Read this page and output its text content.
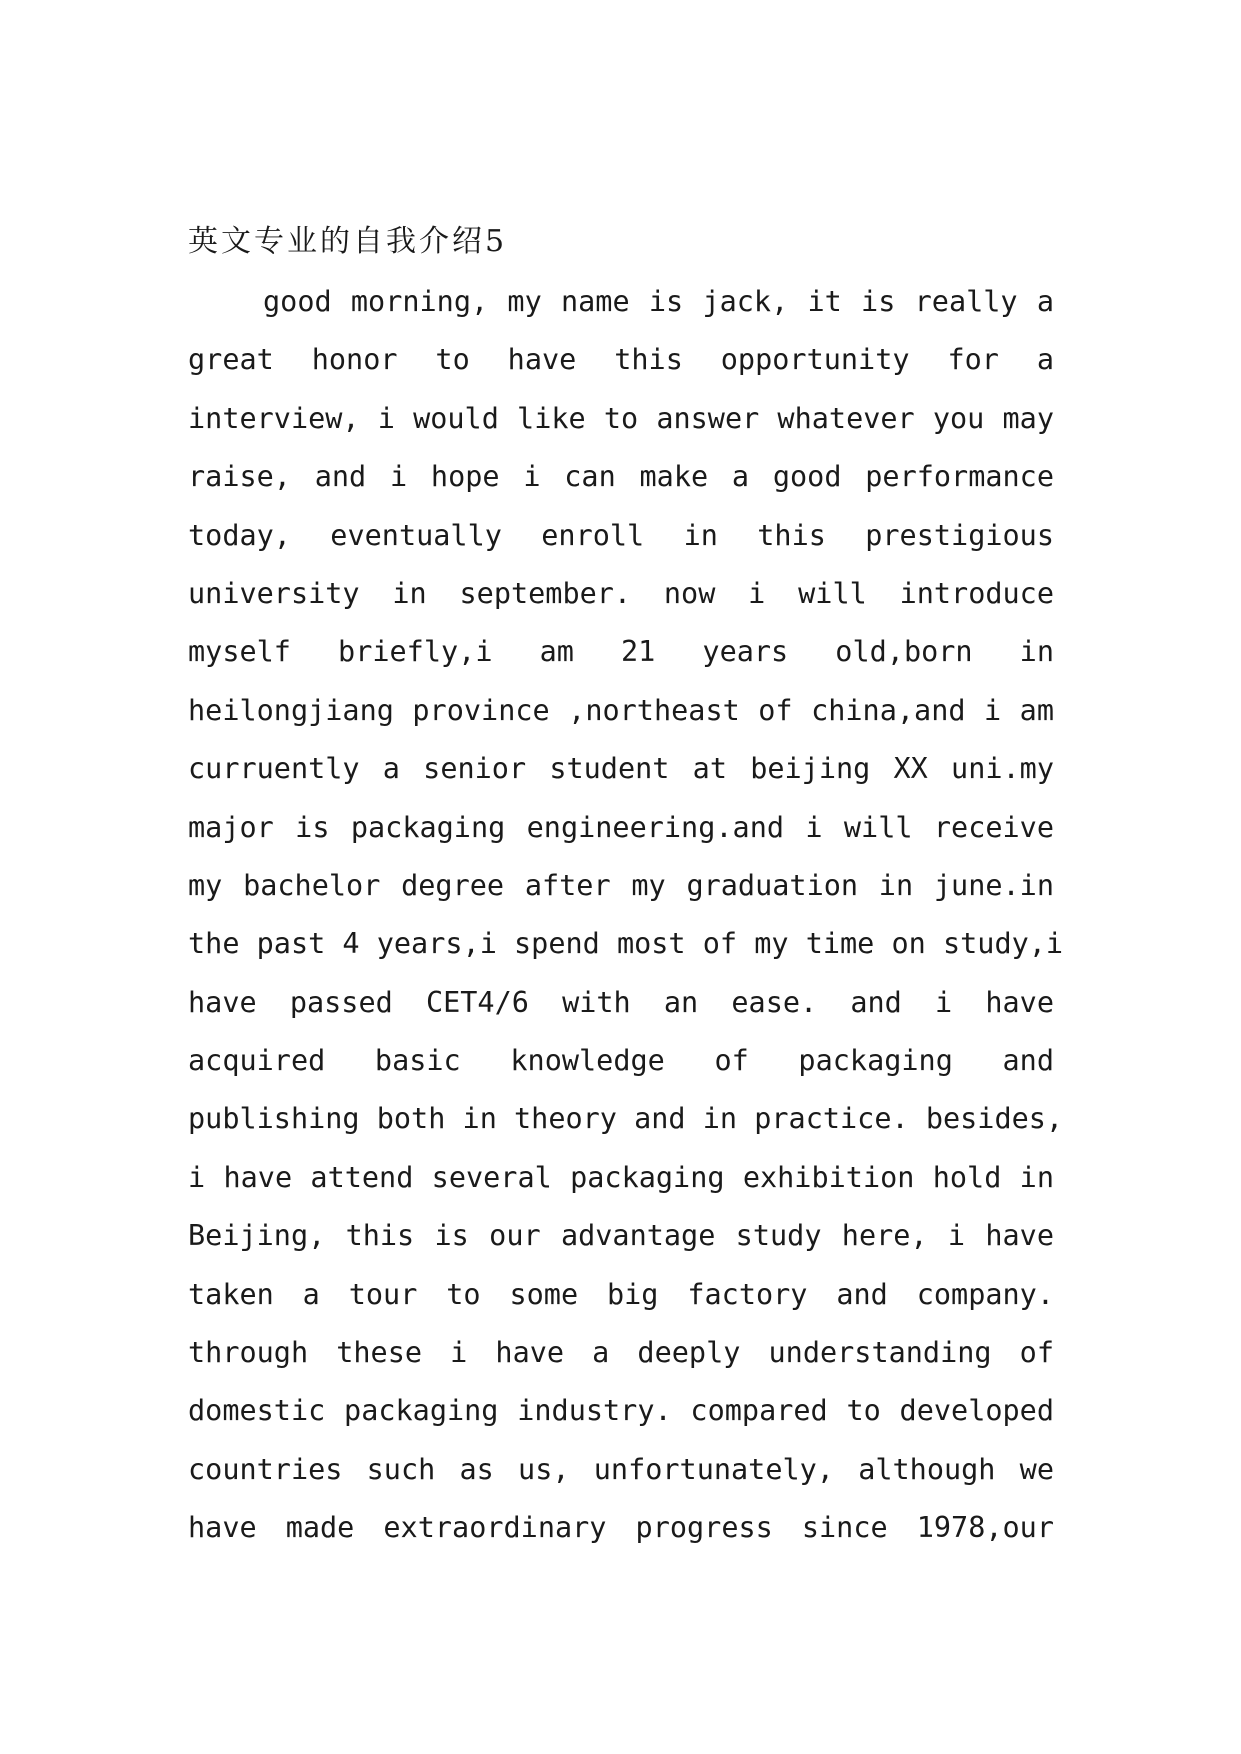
英文专业的自我介绍5
good morning, my name is jack, it is really a
great honor to have this opportunity for a
interview, i would like to answer whatever you may
raise, and i hope i can make a good performance
today, eventually enroll in this prestigious
university in september. now i will introduce
myself briefly,i am 21 years old,born in
heilongjiang province ,northeast of china,and i am
curruently a senior student at beijing XX uni.my
major is packaging engineering.and i will receive
my bachelor degree after my graduation in june.in
the past 4 years,i spend most of my time on study,i
have passed CET4/6 with an ease. and i have
acquired basic knowledge of packaging and
publishing both in theory and in practice. besides,
i have attend several packaging exhibition hold in
Beijing, this is our advantage study here, i have
taken a tour to some big factory and company.
through these i have a deeply understanding of
domestic packaging industry. compared to developed
countries such as us, unfortunately, although we
have made extraordinary progress since 1978,our
